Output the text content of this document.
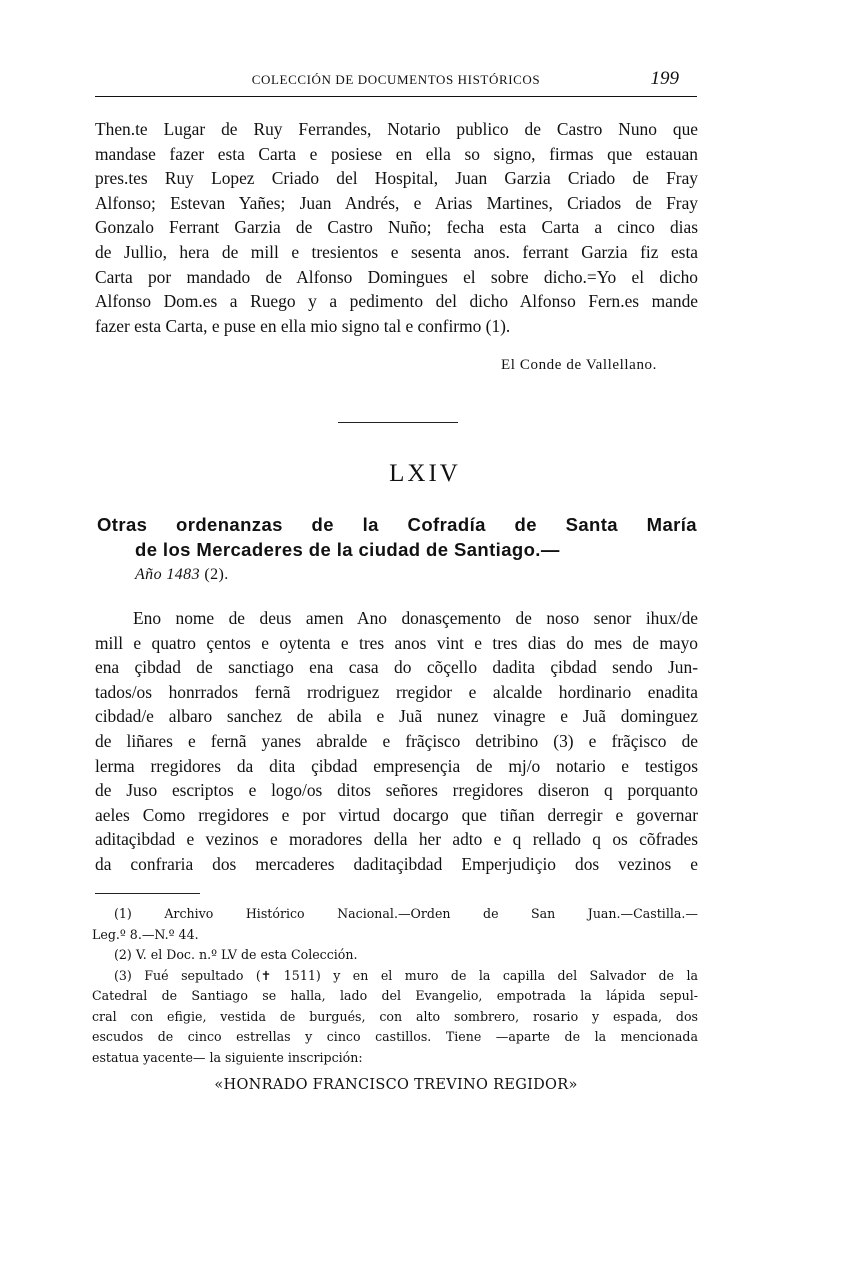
COLECCIÓN DE DOCUMENTOS HISTÓRICOS	199
Then.te Lugar de Ruy Ferrandes, Notario publico de Castro Nuno que
mandase fazer esta Carta e posiese en ella so signo, firmas que estauan
pres.tes Ruy Lopez Criado del Hospital, Juan Garzia Criado de Fray
Alfonso; Estevan Yañes; Juan Andrés, e Arias Martines, Criados de Fray
Gonzalo Ferrant Garzia de Castro Nuño; fecha esta Carta a cinco dias
de Jullio, hera de mill e tresientos e sesenta anos. ferrant Garzia fiz esta
Carta por mandado de Alfonso Domingues el sobre dicho.=Yo el dicho
Alfonso Dom.es a Ruego y a pedimento del dicho Alfonso Fern.es mande
fazer esta Carta, e puse en ella mio signo tal e confirmo (1).
El Conde de Vallellano.
LXIV
Otras ordenanzas de la Cofradía de Santa María
de los Mercaderes de la ciudad de Santiago.—
Año 1483 (2).
Eno nome de deus amen Ano donasçemento de noso senor ihux/de
mill e quatro çentos e oytenta e tres anos vint e tres dias do mes de mayo
ena çibdad de sanctiago ena casa do cõçello dadita çibdad sendo Jun-
tados/os honrrados fernã rrodriguez rregidor e alcalde hordinario enadita
cibdad/e albaro sanchez de abila e Juã nunez vinagre e Juã dominguez
de liñares e fernã yanes abralde e frãçisco detribino (3) e frãçisco de
lerma rregidores da dita çibdad empresençia de mj/o notario e testigos
de Juso escriptos e logo/os ditos señores rregidores diseron q porquanto
aeles Como rregidores e por virtud docargo que tiñan derregir e governar
aditaçibdad e vezinos e moradores della her adto e q rellado q os cõfrades
da confraria dos mercaderes daditaçibdad Emperjudiçio dos vezinos e
(1) Archivo Histórico Nacional.—Orden de San Juan.—Castilla.—
Leg.º 8.—N.º 44.
(2) V. el Doc. n.º LV de esta Colección.
(3) Fué sepultado (✝ 1511) y en el muro de la capilla del Salvador de la
Catedral de Santiago se halla, lado del Evangelio, empotrada la lápida sepul-
cral con efigie, vestida de burgués, con alto sombrero, rosario y espada, dos
escudos de cinco estrellas y cinco castillos. Tiene —aparte de la mencionada
estatua yacente— la siguiente inscripción:
«HONRADO FRANCISCO TREVINO REGIDOR»
